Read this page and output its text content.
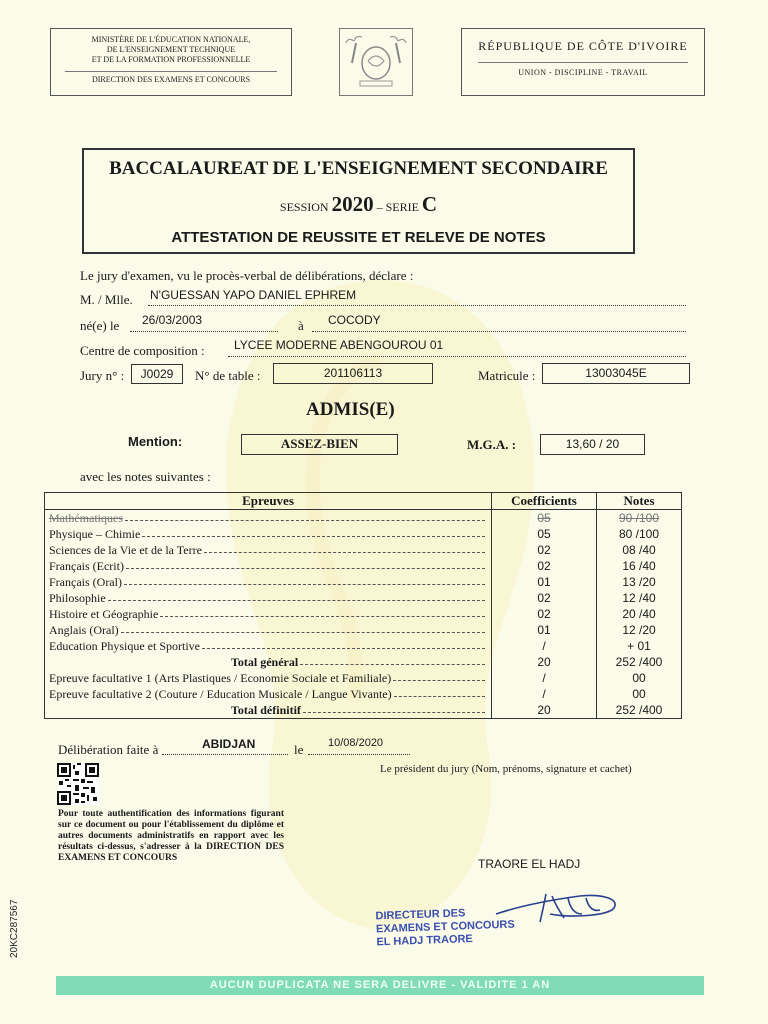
MINISTÈRE DE L'ÉDUCATION NATIONALE,
DE L'ENSEIGNEMENT TECHNIQUE
ET DE LA FORMATION PROFESSIONNELLE
DIRECTION DES EXAMENS ET CONCOURS
RÉPUBLIQUE DE CÔTE D'IVOIRE
UNION - DISCIPLINE - TRAVAIL
BACCALAUREAT DE L'ENSEIGNEMENT SECONDAIRE
SESSION 2020 – SERIE C
ATTESTATION DE REUSSITE ET RELEVE DE NOTES
Le jury d'examen, vu le procès-verbal de délibérations, déclare :
M. / Mlle. N'GUESSAN YAPO DANIEL EPHREM
né(e) le 26/03/2003	à COCODY
Centre de composition : LYCEE MODERNE ABENGOUROU 01
Jury n° :	J0029	N° de table :	201106113	Matricule :	13003045E
ADMIS(E)
Mention:	ASSEZ-BIEN	M.G.A. :	13,60 / 20
avec les notes suivantes :
Epreuves	Coefficients	Notes

Mathématiques	05	90 /100

Physique – Chimie	05	80 /100

Sciences de la Vie et de la Terre	02	08 /40

Français (Ecrit)	02	16 /40

Français (Oral)	01	13 /20

Philosophie	02	12 /40

Histoire et Géographie	02	20 /40

Anglais (Oral)	01	12 /20

Education Physique et Sportive	/	+ 01

Total général	20	252 /400

Epreuve facultative 1 (Arts Plastiques / Economie Sociale et Familiale)	/	00

Epreuve facultative 2 (Couture / Education Musicale / Langue Vivante)	/	00

Total définitif	20	252 /400
Délibération faite à	ABIDJAN	le 10/08/2020
Le président du jury (Nom, prénoms, signature et cachet)
Pour toute authentification des informations figurant sur ce document ou pour l'établissement du diplôme et autres documents administratifs en rapport avec les résultats ci-dessus, s'adresser à la DIRECTION DES EXAMENS ET CONCOURS	TRAORE EL HADJ
DIRECTEUR DES
EXAMENS ET CONCOURS
EL HADJ TRAORE
20KC287567
AUCUN DUPLICATA NE SERA DELIVRE - VALIDITE 1 AN
